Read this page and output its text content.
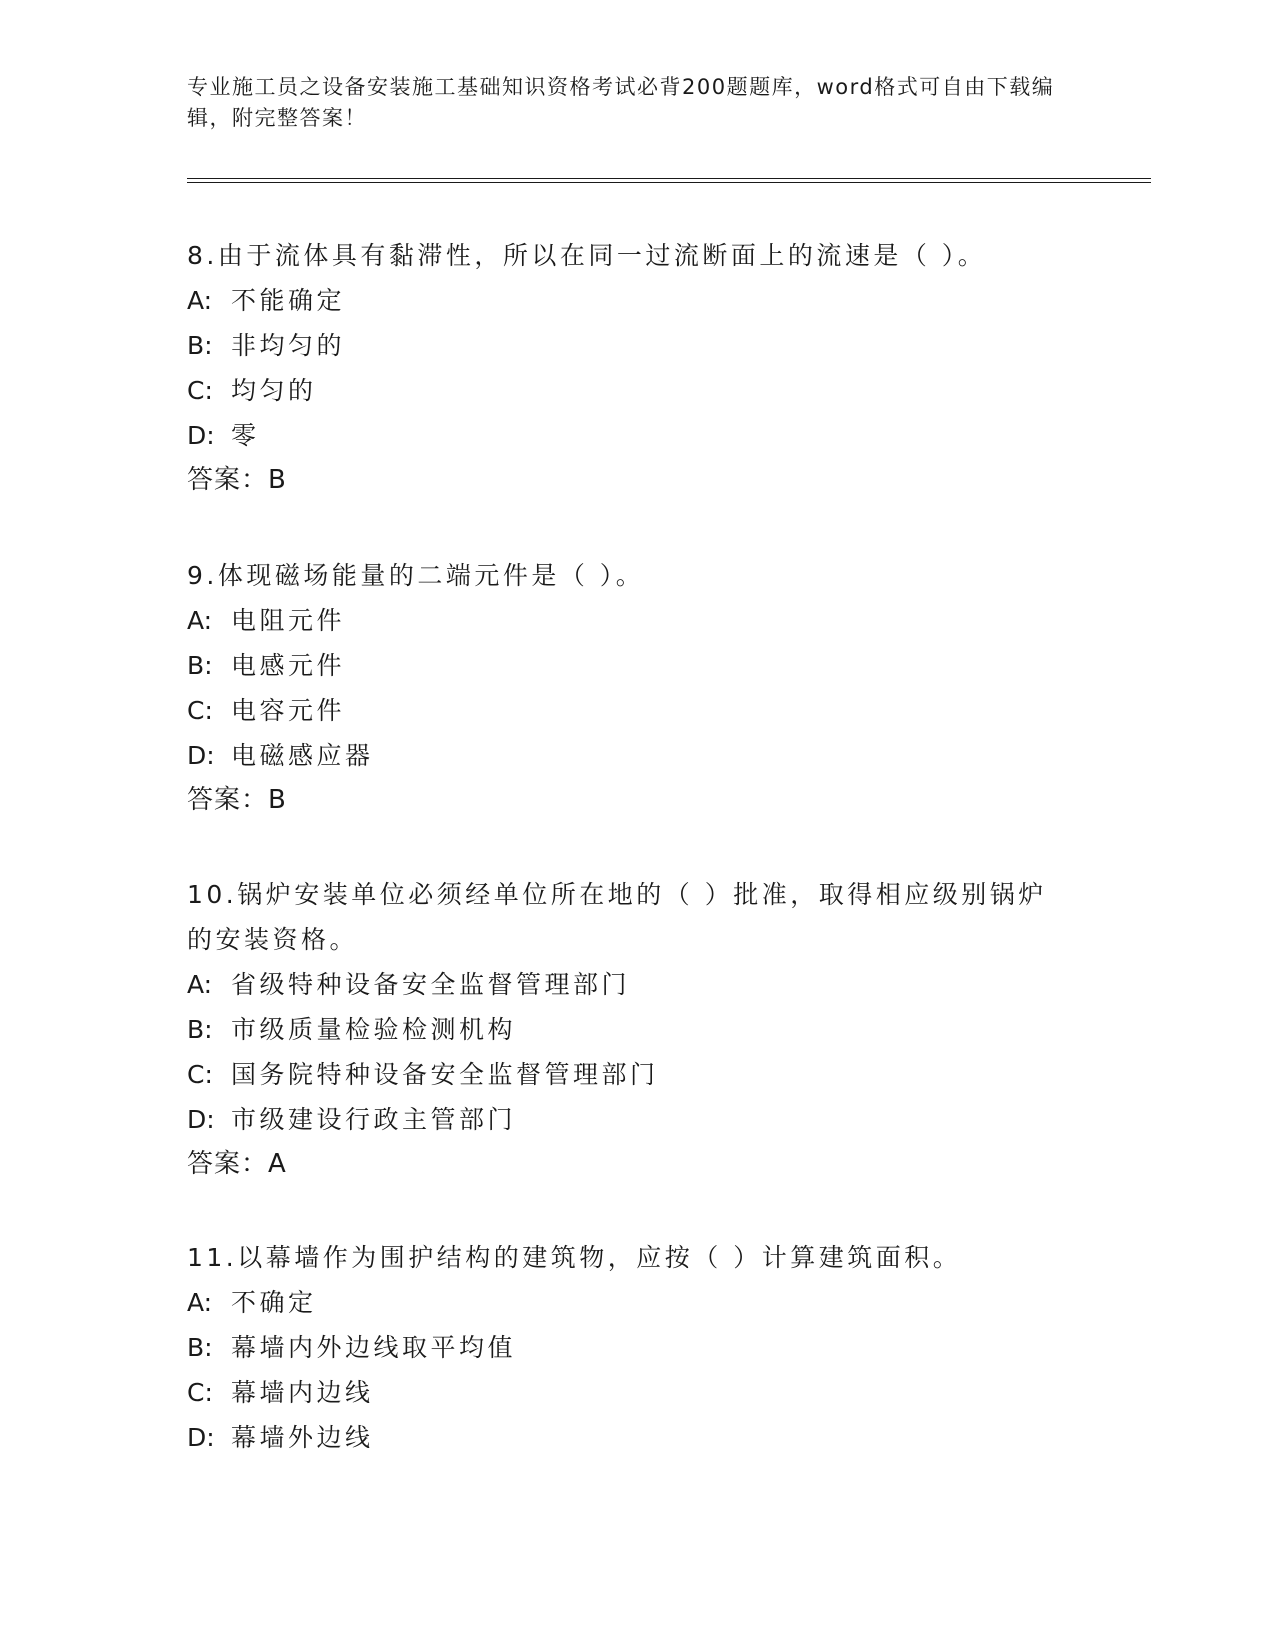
专业施工员之设备安装施工基础知识资格考试必背200题题库，word格式可自由下载编辑，附完整答案！

8.由于流体具有黏滞性，所以在同一过流断面上的流速是（ ）。

A: 不能确定
B: 非均匀的
C: 均匀的
D: 零
答案：B

9.体现磁场能量的二端元件是（ ）。

A: 电阻元件
B: 电感元件
C: 电容元件
D: 电磁感应器
答案：B

10.锅炉安装单位必须经单位所在地的（ ）批准，取得相应级别锅炉的安装资格。

A: 省级特种设备安全监督管理部门
B: 市级质量检验检测机构
C: 国务院特种设备安全监督管理部门
D: 市级建设行政主管部门
答案：A

11.以幕墙作为围护结构的建筑物，应按（ ）计算建筑面积。

A: 不确定
B: 幕墙内外边线取平均值
C: 幕墙内边线
D: 幕墙外边线
